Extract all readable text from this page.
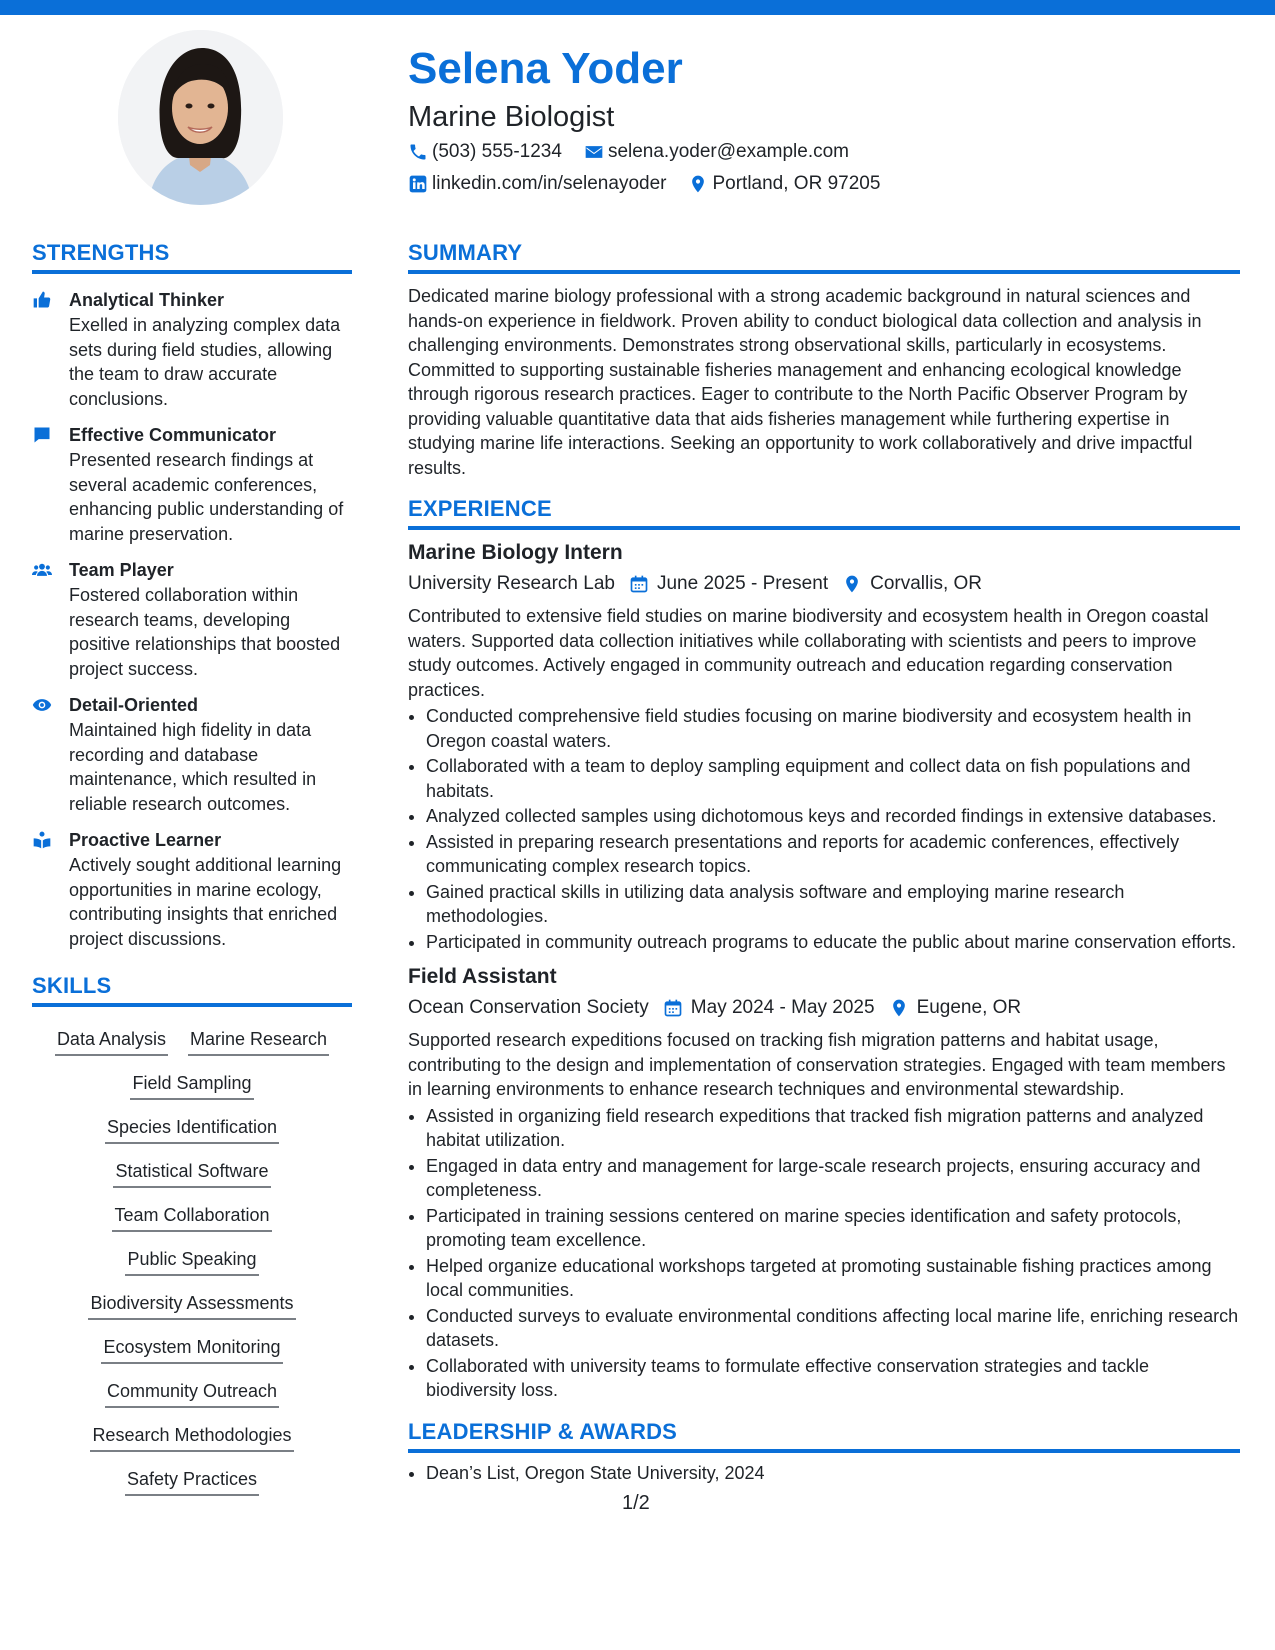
Selena Yoder

Marine Biologist

(503) 555-1234 selena.yoder@example.com
linkedin.com/in/selenayoder Portland, OR 97205
STRENGTHS
Analytical Thinker
Exelled in analyzing complex data sets during field studies, allowing the team to draw accurate conclusions.
Effective Communicator
Presented research findings at several academic conferences, enhancing public understanding of marine preservation.
Team Player
Fostered collaboration within research teams, developing positive relationships that boosted project success.
Detail-Oriented
Maintained high fidelity in data recording and database maintenance, which resulted in reliable research outcomes.
Proactive Learner
Actively sought additional learning opportunities in marine ecology, contributing insights that enriched project discussions.
SKILLS
Data Analysis Marine Research
Field Sampling
Species Identification
Statistical Software
Team Collaboration
Public Speaking
Biodiversity Assessments
Ecosystem Monitoring
Community Outreach
Research Methodologies
Safety Practices
SUMMARY

Dedicated marine biology professional with a strong academic background in natural sciences and hands-on experience in fieldwork. Proven ability to conduct biological data collection and analysis in challenging environments. Demonstrates strong observational skills, particularly in ecosystems. Committed to supporting sustainable fisheries management and enhancing ecological knowledge through rigorous research practices. Eager to contribute to the North Pacific Observer Program by providing valuable quantitative data that aids fisheries management while furthering expertise in studying marine life interactions. Seeking an opportunity to work collaboratively and drive impactful results.

EXPERIENCE
Marine Biology Intern
University Research Lab June 2025 - Present Corvallis, OR

Contributed to extensive field studies on marine biodiversity and ecosystem health in Oregon coastal waters. Supported data collection initiatives while collaborating with scientists and peers to improve study outcomes. Actively engaged in community outreach and education regarding conservation practices.

• Conducted comprehensive field studies focusing on marine biodiversity and ecosystem health in Oregon coastal waters.
• Collaborated with a team to deploy sampling equipment and collect data on fish populations and habitats.
• Analyzed collected samples using dichotomous keys and recorded findings in extensive databases.
• Assisted in preparing research presentations and reports for academic conferences, effectively communicating complex research topics.
• Gained practical skills in utilizing data analysis software and employing marine research methodologies.
• Participated in community outreach programs to educate the public about marine conservation efforts.
Field Assistant
Ocean Conservation Society May 2024 - May 2025 Eugene, OR

Supported research expeditions focused on tracking fish migration patterns and habitat usage, contributing to the design and implementation of conservation strategies. Engaged with team members in learning environments to enhance research techniques and environmental stewardship.

• Assisted in organizing field research expeditions that tracked fish migration patterns and analyzed habitat utilization.
• Engaged in data entry and management for large-scale research projects, ensuring accuracy and completeness.
• Participated in training sessions centered on marine species identification and safety protocols, promoting team excellence.
• Helped organize educational workshops targeted at promoting sustainable fishing practices among local communities.
• Conducted surveys to evaluate environmental conditions affecting local marine life, enriching research datasets.
• Collaborated with university teams to formulate effective conservation strategies and tackle biodiversity loss.
LEADERSHIP & AWARDS
• Dean’s List, Oregon State University, 2024
1/2
